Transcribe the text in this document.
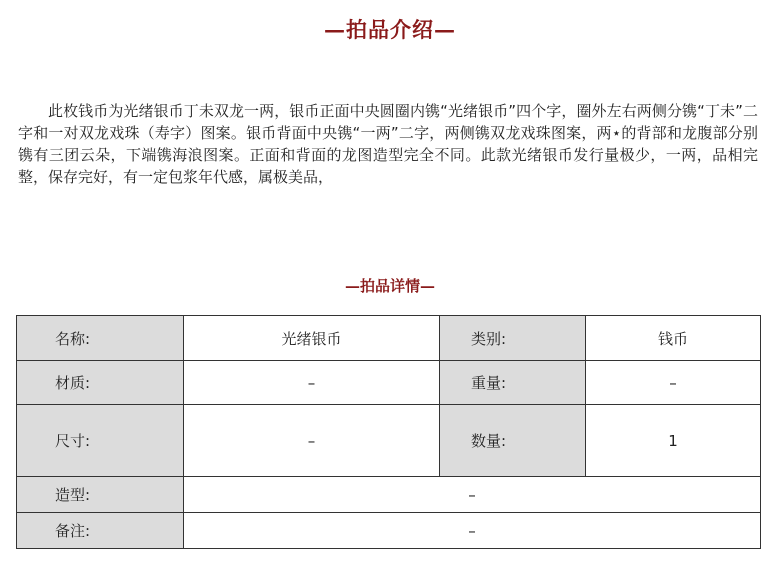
—拍品介绍—
此枚钱币为光绪银币丁未双龙一两，银币正面中央圆圈内镌“光绪银币”四个字，圈外左右两侧分镌“丁未”二字和一对双龙戏珠（寿字）图案。银币背面中央镌“一两”二字，两侧镌双龙戏珠图案，两⋆的背部和龙腹部分别镌有三团云朵，下端镌海浪图案。正面和背面的龙图造型完全不同。此款光绪银币发行量极少，一两，品相完整，保存完好，有一定包浆年代感，属极美品，
—拍品详情—
名称:	光绪银币	类别:	钱币
材质:	–	重量:	–
尺寸:	–	数量:	1
造型:	–		
备注:	–		
